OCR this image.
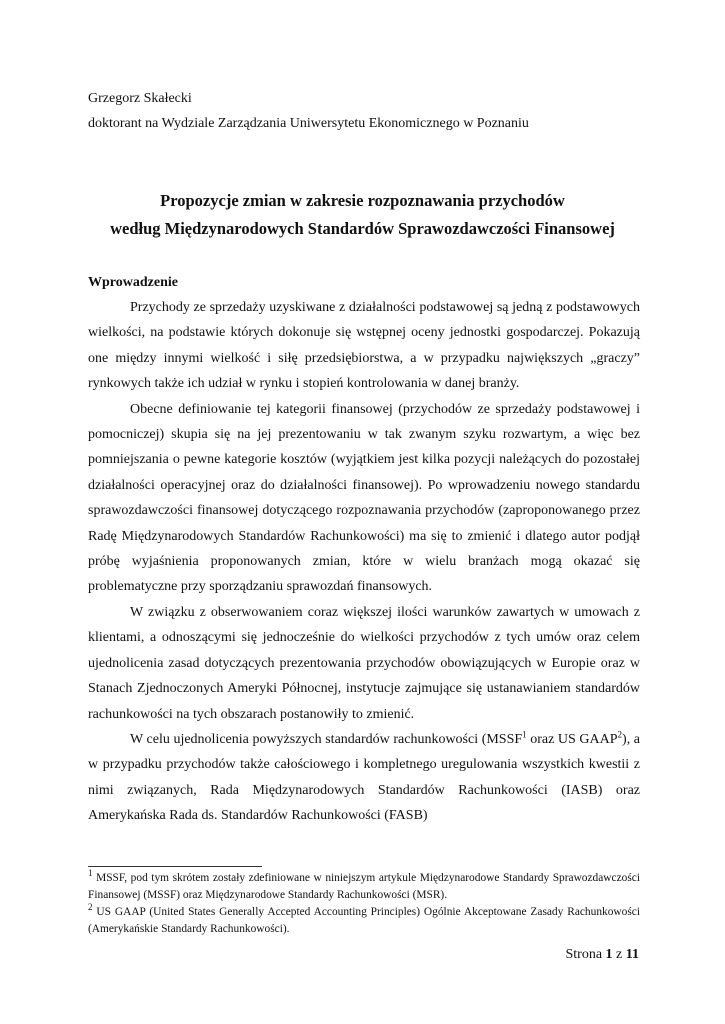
Grzegorz Skałecki
doktorant na Wydziale Zarządzania Uniwersytetu Ekonomicznego w Poznaniu
Propozycje zmian w zakresie rozpoznawania przychodów
według Międzynarodowych Standardów Sprawozdawczości Finansowej
Wprowadzenie

Przychody ze sprzedaży uzyskiwane z działalności podstawowej są jedną z podstawowych wielkości, na podstawie których dokonuje się wstępnej oceny jednostki gospodarczej. Pokazują one między innymi wielkość i siłę przedsiębiorstwa, a w przypadku największych „graczy” rynkowych także ich udział w rynku i stopień kontrolowania w danej branży.

Obecne definiowanie tej kategorii finansowej (przychodów ze sprzedaży podstawowej i pomocniczej) skupia się na jej prezentowaniu w tak zwanym szyku rozwartym, a więc bez pomniejszania o pewne kategorie kosztów (wyjątkiem jest kilka pozycji należących do pozostałej działalności operacyjnej oraz do działalności finansowej). Po wprowadzeniu nowego standardu sprawozdawczości finansowej dotyczącego rozpoznawania przychodów (zaproponowanego przez Radę Międzynarodowych Standardów Rachunkowości) ma się to zmienić i dlatego autor podjął próbę wyjaśnienia proponowanych zmian, które w wielu branżach mogą okazać się problematyczne przy sporządzaniu sprawozdań finansowych.

W związku z obserwowaniem coraz większej ilości warunków zawartych w umowach z klientami, a odnoszącymi się jednocześnie do wielkości przychodów z tych umów oraz celem ujednolicenia zasad dotyczących prezentowania przychodów obowiązujących w Europie oraz w Stanach Zjednoczonych Ameryki Północnej, instytucje zajmujące się ustanawianiem standardów rachunkowości na tych obszarach postanowiły to zmienić.

W celu ujednolicenia powyższych standardów rachunkowości (MSSF$^1$ oraz US GAAP$^2$), a w przypadku przychodów także całościowego i kompletnego uregulowania wszystkich kwestii z nimi związanych, Rada Międzynarodowych Standardów Rachunkowości (IASB) oraz Amerykańska Rada ds. Standardów Rachunkowości (FASB)

$^1$ MSSF, pod tym skrótem zostały zdefiniowane w niniejszym artykule Międzynarodowe Standardy Sprawozdawczości Finansowej (MSSF) oraz Międzynarodowe Standardy Rachunkowości (MSR).

$^2$ US GAAP (United States Generally Accepted Accounting Principles) Ogólnie Akceptowane Zasady Rachunkowości (Amerykańskie Standardy Rachunkowości).

Strona 1 z 11
